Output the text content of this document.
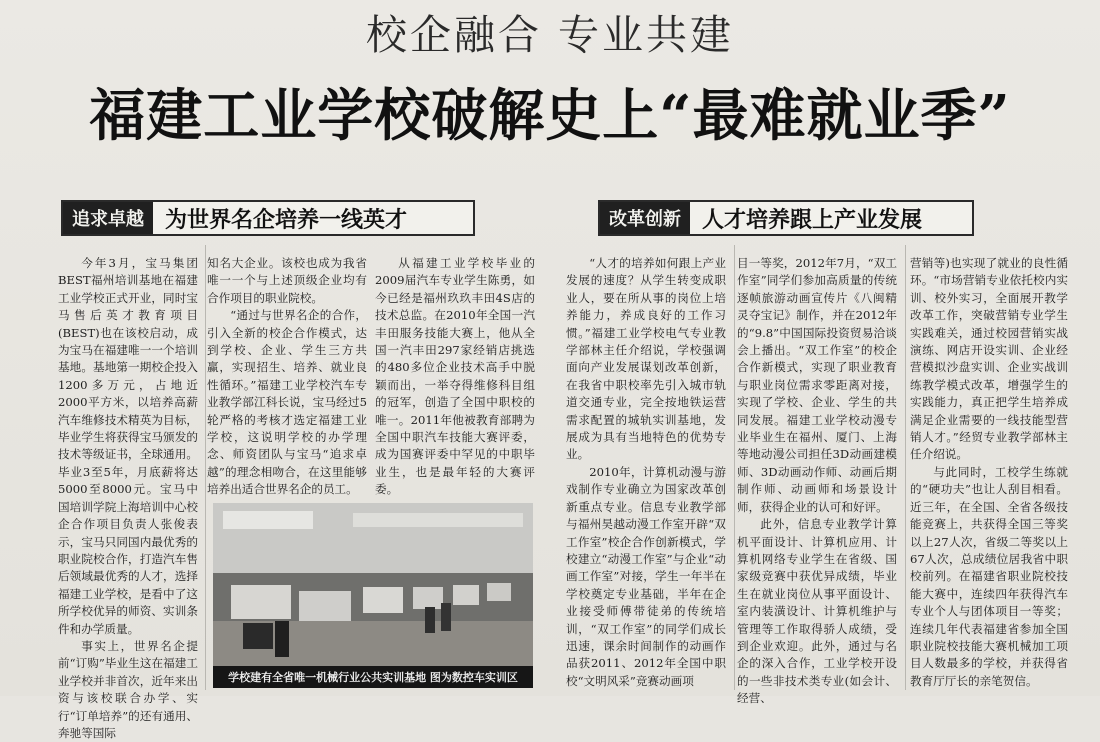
校企融合 专业共建
福建工业学校破解史上“最难就业季”
追求卓越 为世界名企培养一线英才	改革创新 人才培养跟上产业发展

今年3月，宝马集团BEST福州培训基地在福建工业学校正式开业，同时宝马售后英才教育项目(BEST)也在该校启动，成为宝马在福建唯一一个培训基地。基地第一期校企投入1200多万元，占地近2000平方米，以培养高薪汽车维修技术精英为目标，毕业学生将获得宝马颁发的技术等级证书，全球通用。毕业3至5年，月底薪将达5000至8000元。宝马中国培训学院上海培训中心校企合作项目负责人张俊表示，宝马只同国内最优秀的职业院校合作，打造汽车售后领域最优秀的人才，选择福建工业学校，是看中了这所学校优异的师资、实训条件和办学质量。

事实上，世界名企提前“订购”毕业生这在福建工业学校并非首次，近年来出资与该校联合办学、实行“订单培养”的还有通用、奔驰等国际

知名大企业。该校也成为我省唯一一个与上述顶级企业均有合作项目的职业院校。

“通过与世界名企的合作，引入全新的校企合作模式，达到学校、企业、学生三方共赢，实现招生、培养、就业良性循环。”福建工业学校汽车专业教学部江科长说，宝马经过5轮严格的考核才选定福建工业学校，这说明学校的办学理念、师资团队与宝马“追求卓越”的理念相吻合，在这里能够培养出适合世界名企的员工。

从福建工业学校毕业的2009届汽车专业学生陈勇，如今已经是福州玖玖丰田4S店的技术总监。在2010年全国一汽丰田服务技能大赛上，他从全国一汽丰田297家经销店挑选的480多位企业技术高手中脱颖而出，一举夺得维修科目组的冠军，创造了全国中职校的唯一。2011年他被教育部聘为全国中职汽车技能大赛评委，成为国赛评委中罕见的中职毕业生，也是最年轻的大赛评委。

学校建有全省唯一机械行业公共实训基地 图为数控车实训区

“人才的培养如何跟上产业发展的速度？从学生转变成职业人，要在所从事的岗位上培养能力，养成良好的工作习惯。”福建工业学校电气专业教学部林主任介绍说，学校强调面向产业发展谋划改革创新，在我省中职校率先引入城市轨道交通专业，完全按地铁运营需求配置的城轨实训基地，发展成为具有当地特色的优势专业。

2010年，计算机动漫与游戏制作专业确立为国家改革创新重点专业。信息专业教学部与福州昊越动漫工作室开辟“双工作室”校企合作创新模式，学校建立“动漫工作室”与企业“动画工作室”对接，学生一年半在学校奠定专业基础，半年在企业接受师傅带徒弟的传统培训，“双工作室”的同学们成长迅速，课余时间制作的动画作品获2011、2012年全国中职校“文明风采”竞赛动画项

目一等奖，2012年7月，“双工作室”同学们参加高质量的传统逐帧旅游动画宣传片《八闽精灵夺宝记》制作，并在2012年的“9.8”中国国际投资贸易洽谈会上播出。“双工作室”的校企合作新模式，实现了职业教育与职业岗位需求零距离对接，实现了学校、企业、学生的共同发展。福建工业学校动漫专业毕业生在福州、厦门、上海等地动漫公司担任3D动画建模师、3D动画动作师、动画后期制作师、动画师和场景设计师，获得企业的认可和好评。

此外，信息专业教学计算机平面设计、计算机应用、计算机网络专业学生在省级、国家级竞赛中获优异成绩，毕业生在就业岗位从事平面设计、室内装潢设计、计算机维护与管理等工作取得骄人成绩，受到企业欢迎。此外，通过与名企的深入合作，工业学校开设的一些非技术类专业(如会计、经营、

营销等)也实现了就业的良性循环。“市场营销专业依托校内实训、校外实习，全面展开教学改革工作，突破营销专业学生实践难关，通过校园营销实战演练、网店开设实训、企业经营模拟沙盘实训、企业实战训练教学模式改革，增强学生的实践能力，真正把学生培养成满足企业需要的一线技能型营销人才。”经贸专业教学部林主任介绍说。

与此同时，工校学生练就的“硬功夫”也让人刮目相看。近三年，在全国、全省各级技能竞赛上，共获得全国三等奖以上27人次，省级二等奖以上67人次，总成绩位居我省中职校前列。在福建省职业院校技能大赛中，连续四年获得汽车专业个人与团体项目一等奖；连续几年代表福建省参加全国职业院校技能大赛机械加工项目人数最多的学校，并获得省教育厅厅长的亲笔贺信。
